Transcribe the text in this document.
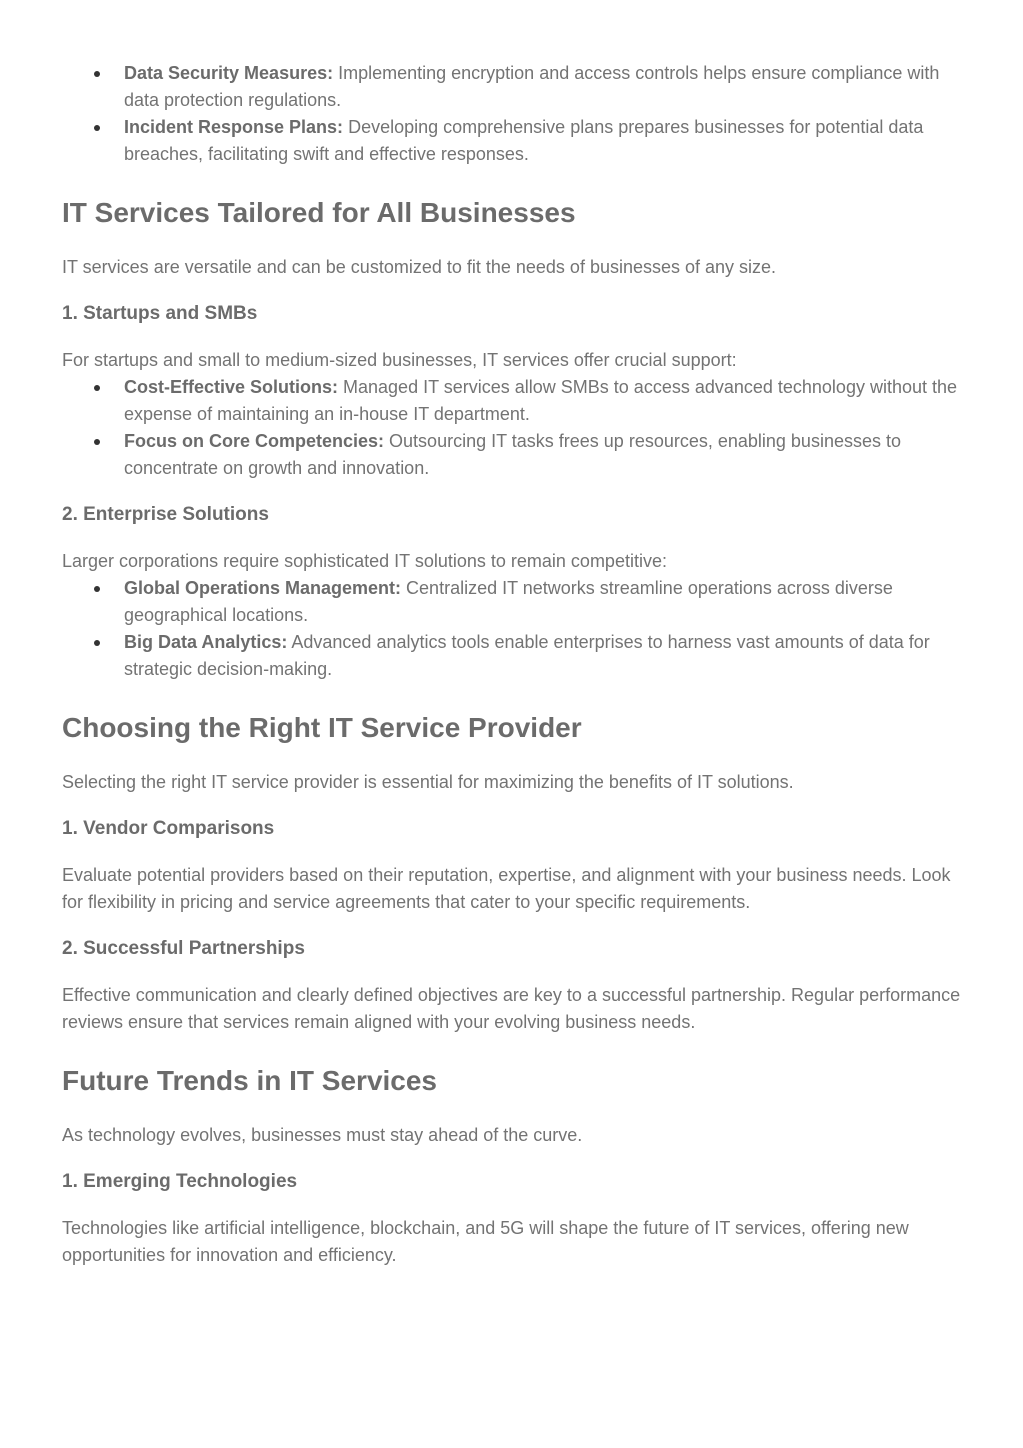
Data Security Measures: Implementing encryption and access controls helps ensure compliance with data protection regulations.
Incident Response Plans: Developing comprehensive plans prepares businesses for potential data breaches, facilitating swift and effective responses.
IT Services Tailored for All Businesses

IT services are versatile and can be customized to fit the needs of businesses of any size.

1. Startups and SMBs

For startups and small to medium-sized businesses, IT services offer crucial support:

Cost-Effective Solutions: Managed IT services allow SMBs to access advanced technology without the expense of maintaining an in-house IT department.
Focus on Core Competencies: Outsourcing IT tasks frees up resources, enabling businesses to concentrate on growth and innovation.
2. Enterprise Solutions

Larger corporations require sophisticated IT solutions to remain competitive:

Global Operations Management: Centralized IT networks streamline operations across diverse geographical locations.
Big Data Analytics: Advanced analytics tools enable enterprises to harness vast amounts of data for strategic decision-making.
Choosing the Right IT Service Provider

Selecting the right IT service provider is essential for maximizing the benefits of IT solutions.

1. Vendor Comparisons

Evaluate potential providers based on their reputation, expertise, and alignment with your business needs. Look for flexibility in pricing and service agreements that cater to your specific requirements.

2. Successful Partnerships

Effective communication and clearly defined objectives are key to a successful partnership. Regular performance reviews ensure that services remain aligned with your evolving business needs.

Future Trends in IT Services

As technology evolves, businesses must stay ahead of the curve.

1. Emerging Technologies

Technologies like artificial intelligence, blockchain, and 5G will shape the future of IT services, offering new opportunities for innovation and efficiency.
